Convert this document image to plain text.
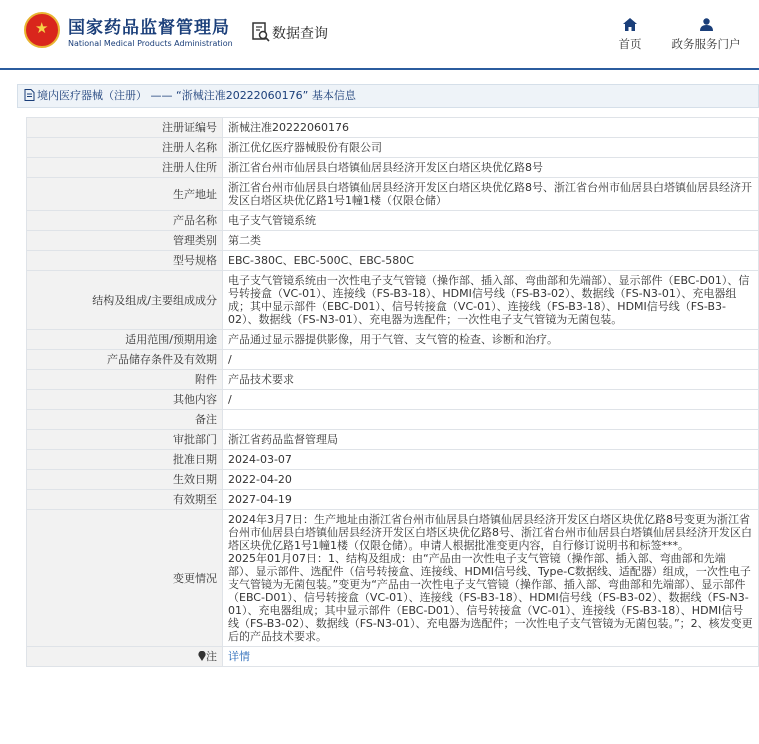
★
国家药品监督管理局
National Medical Products Administration
数据查询
首页	政务服务门户
境内医疗器械（注册） —— “浙械注准20222060176” 基本信息
注册证编号	浙械注准20222060176
注册人名称	浙江优亿医疗器械股份有限公司
注册人住所	浙江省台州市仙居县白塔镇仙居县经济开发区白塔区块优亿路8号
生产地址	浙江省台州市仙居县白塔镇仙居县经济开发区白塔区块优亿路8号、浙江省台州市仙居县白塔镇仙居县经济开发区白塔区块优亿路1号1幢1楼（仅限仓储）
产品名称	电子支气管镜系统
管理类别	第二类
型号规格	EBC-380C、EBC-500C、EBC-580C
结构及组成/主要组成成分	电子支气管镜系统由一次性电子支气管镜（操作部、插入部、弯曲部和先端部）、显示部件（EBC-D01）、信号转接盒（VC-01）、连接线（FS-B3-18）、HDMI信号线（FS-B3-02）、数据线（FS-N3-01）、充电器组成；其中显示部件（EBC-D01）、信号转接盒（VC-01）、连接线（FS-B3-18）、HDMI信号线（FS-B3-02）、数据线（FS-N3-01）、充电器为选配件；一次性电子支气管镜为无菌包装。
适用范围/预期用途	产品通过显示器提供影像，用于气管、支气管的检查、诊断和治疗。
产品储存条件及有效期	/
附件	产品技术要求
其他内容	/
备注	
审批部门	浙江省药品监督管理局
批准日期	2024-03-07
生效日期	2022-04-20
有效期至	2027-04-19
变更情况	2024年3月7日：生产地址由浙江省台州市仙居县白塔镇仙居县经济开发区白塔区块优亿路8号变更为浙江省台州市仙居县白塔镇仙居县经济开发区白塔区块优亿路8号、浙江省台州市仙居县白塔镇仙居县经济开发区白塔区块优亿路1号1幢1楼（仅限仓储）。申请人根据批准变更内容，自行修订说明书和标签***。
2025年01月07日：1、结构及组成：由“产品由一次性电子支气管镜（操作部、插入部、弯曲部和先端部）、显示部件、选配件（信号转接盒、连接线、HDMI信号线、Type-C数据线、适配器）组成，一次性电子支气管镜为无菌包装。”变更为“产品由一次性电子支气管镜（操作部、插入部、弯曲部和先端部）、显示部件（EBC-D01）、信号转接盒（VC-01）、连接线（FS-B3-18）、HDMI信号线（FS-B3-02）、数据线（FS-N3-01）、充电器组成；其中显示部件（EBC-D01）、信号转接盒（VC-01）、连接线（FS-B3-18）、HDMI信号线（FS-B3-02）、数据线（FS-N3-01）、充电器为选配件；一次性电子支气管镜为无菌包装。”；2、核发变更后的产品技术要求。

注	详情
